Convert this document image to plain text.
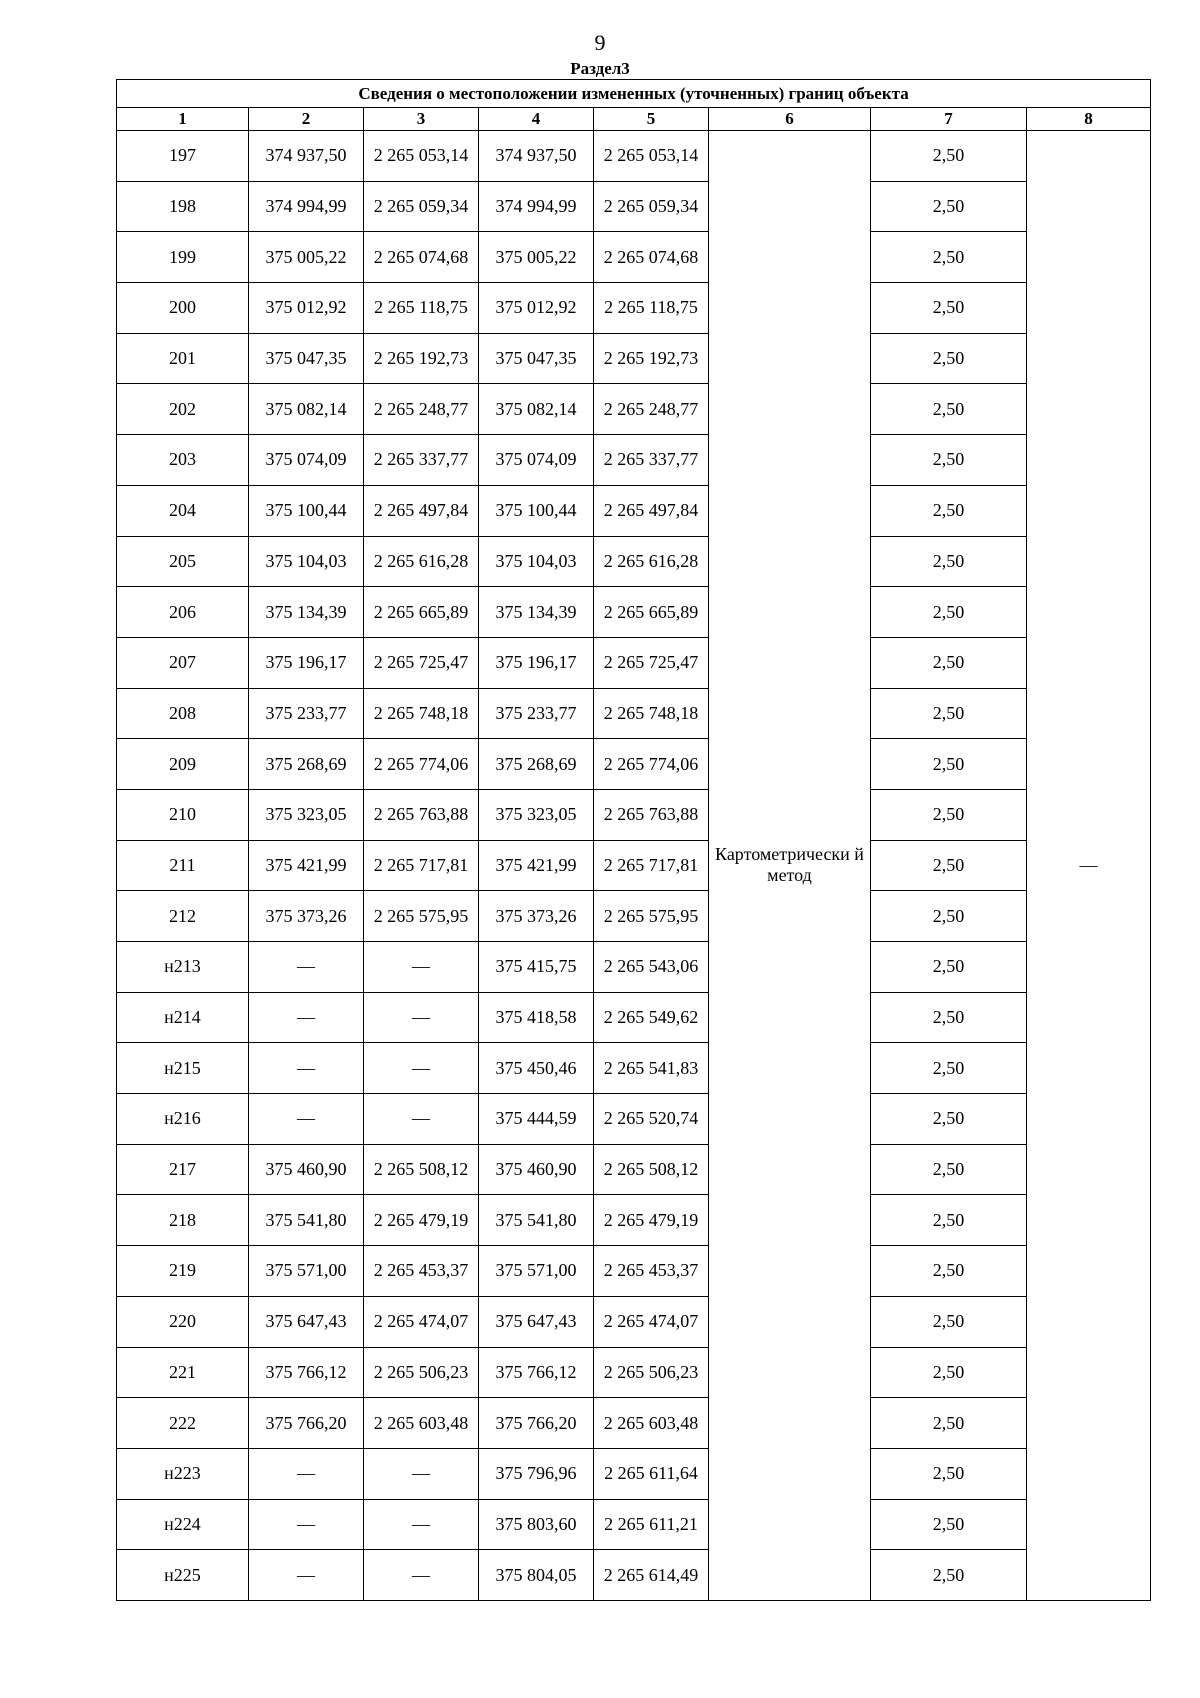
9
Раздел3
Сведения о местоположении измененных (уточненных) границ объекта							
1	2	3	4	5	6	7	8
197	374 937,50	2 265 053,14	374 937,50	2 265 053,14	Картометрически й метод	2,50	—
198	374 994,99	2 265 059,34	374 994,99	2 265 059,34		2,50	
199	375 005,22	2 265 074,68	375 005,22	2 265 074,68		2,50	
200	375 012,92	2 265 118,75	375 012,92	2 265 118,75		2,50	
201	375 047,35	2 265 192,73	375 047,35	2 265 192,73		2,50	
202	375 082,14	2 265 248,77	375 082,14	2 265 248,77		2,50	
203	375 074,09	2 265 337,77	375 074,09	2 265 337,77		2,50	
204	375 100,44	2 265 497,84	375 100,44	2 265 497,84		2,50	
205	375 104,03	2 265 616,28	375 104,03	2 265 616,28		2,50	
206	375 134,39	2 265 665,89	375 134,39	2 265 665,89		2,50	
207	375 196,17	2 265 725,47	375 196,17	2 265 725,47		2,50	
208	375 233,77	2 265 748,18	375 233,77	2 265 748,18		2,50	
209	375 268,69	2 265 774,06	375 268,69	2 265 774,06		2,50	
210	375 323,05	2 265 763,88	375 323,05	2 265 763,88		2,50	
211	375 421,99	2 265 717,81	375 421,99	2 265 717,81		2,50	
212	375 373,26	2 265 575,95	375 373,26	2 265 575,95		2,50	
н213	—	—	375 415,75	2 265 543,06		2,50	
н214	—	—	375 418,58	2 265 549,62		2,50	
н215	—	—	375 450,46	2 265 541,83		2,50	
н216	—	—	375 444,59	2 265 520,74		2,50	
217	375 460,90	2 265 508,12	375 460,90	2 265 508,12		2,50	
218	375 541,80	2 265 479,19	375 541,80	2 265 479,19		2,50	
219	375 571,00	2 265 453,37	375 571,00	2 265 453,37		2,50	
220	375 647,43	2 265 474,07	375 647,43	2 265 474,07		2,50	
221	375 766,12	2 265 506,23	375 766,12	2 265 506,23		2,50	
222	375 766,20	2 265 603,48	375 766,20	2 265 603,48		2,50	
н223	—	—	375 796,96	2 265 611,64		2,50	
н224	—	—	375 803,60	2 265 611,21		2,50	
н225	—	—	375 804,05	2 265 614,49		2,50	
